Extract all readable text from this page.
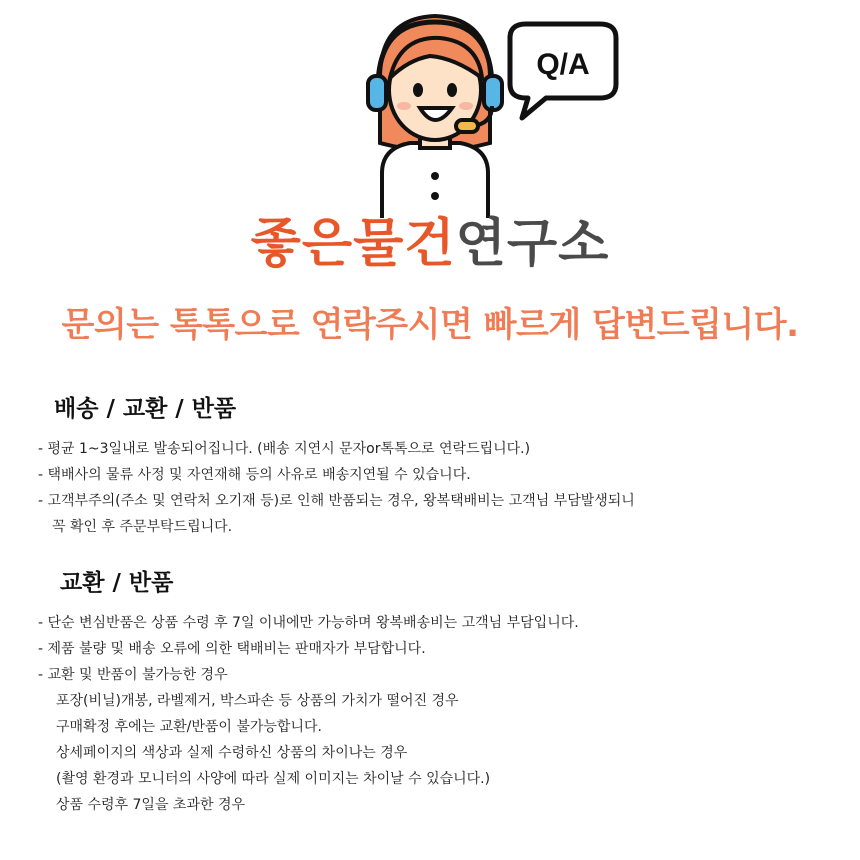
Q/A
좋은물건연구소
문의는 톡톡으로 연락주시면 빠르게 답변드립니다.
배송 / 교환 / 반품
- 평균 1~3일내로 발송되어집니다. (배송 지연시 문자or톡톡으로 연락드립니다.)
- 택배사의 물류 사정 및 자연재해 등의 사유로 배송지연될 수 있습니다.
- 고객부주의(주소 및 연락처 오기재 등)로 인해 반품되는 경우, 왕복택배비는 고객님 부담발생되니
꼭 확인 후 주문부탁드립니다.
교환 / 반품
- 단순 변심반품은 상품 수령 후 7일 이내에만 가능하며 왕복배송비는 고객님 부담입니다.
- 제품 불량 및 배송 오류에 의한 택배비는 판매자가 부담합니다.
- 교환 및 반품이 불가능한 경우
포장(비닐)개봉, 라벨제거, 박스파손 등 상품의 가치가 떨어진 경우
구매확정 후에는 교환/반품이 불가능합니다.
상세페이지의 색상과 실제 수령하신 상품의 차이나는 경우
(촬영 환경과 모니터의 사양에 따라 실제 이미지는 차이날 수 있습니다.)
상품 수령후 7일을 초과한 경우
